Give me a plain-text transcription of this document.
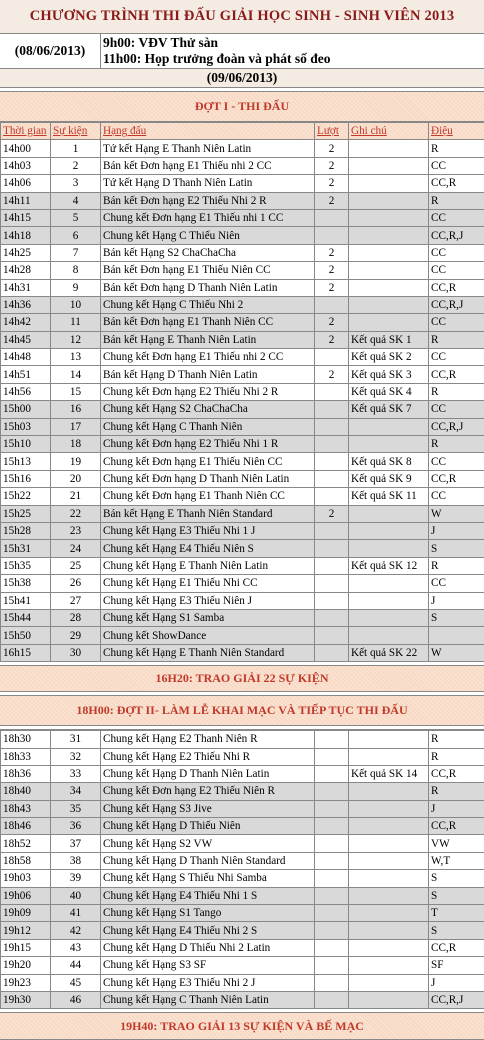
CHƯƠNG TRÌNH THI ĐẤU GIẢI HỌC SINH - SINH VIÊN 2013
(08/06/2013)
9h00: VĐV Thử sàn
11h00: Họp trưởng đoàn và phát số đeo
(09/06/2013)
ĐỢT I - THI ĐẤU
Thời gian	Sự kiện	Hạng đấu	Lượt	Ghi chú	Điệu
14h00	1	Tứ kết Hạng E Thanh Niên Latin	2		R
14h03	2	Bán kết Đơn hạng E1 Thiếu nhi 2 CC	2		CC
14h06	3	Tứ kết Hạng D Thanh Niên Latin	2		CC,R
14h11	4	Bán kết Đơn hạng E2 Thiếu Nhi 2 R	2		R
14h15	5	Chung kết Đơn hạng E1 Thiếu nhi 1 CC			CC
14h18	6	Chung kết Hạng C Thiếu Niên			CC,R,J
14h25	7	Bán kết Hạng S2 ChaChaCha	2		CC
14h28	8	Bán kết Đơn hạng E1 Thiếu Niên CC	2		CC
14h31	9	Bán kết Đơn hạng D Thanh Niên Latin	2		CC,R
14h36	10	Chung kết Hạng C Thiếu Nhi 2			CC,R,J
14h42	11	Bán kết Đơn hạng E1 Thanh Niên CC	2		CC
14h45	12	Bán kết Hạng E Thanh Niên Latin	2	Kết quả SK 1	R
14h48	13	Chung kết Đơn hạng E1 Thiếu nhi 2 CC		Kết quả SK 2	CC
14h51	14	Bán kết Hạng D Thanh Niên Latin	2	Kết quả SK 3	CC,R
14h56	15	Chung kết Đơn hạng E2 Thiếu Nhi 2 R		Kết quả SK 4	R
15h00	16	Chung kết Hạng S2 ChaChaCha		Kết quả SK 7	CC
15h03	17	Chung kết Hạng C Thanh Niên			CC,R,J
15h10	18	Chung kết Đơn hạng E2 Thiếu Nhi 1 R			R
15h13	19	Chung kết Đơn hạng E1 Thiếu Niên CC		Kết quả SK 8	CC
15h16	20	Chung kết Đơn hạng D Thanh Niên Latin		Kết quả SK 9	CC,R
15h22	21	Chung kết Đơn hạng E1 Thanh Niên CC		Kết quả SK 11	CC
15h25	22	Bán kết Hạng E Thanh Niên Standard	2		W
15h28	23	Chung kết Hạng E3 Thiếu Nhi 1 J			J
15h31	24	Chung kết Hạng E4 Thiếu Niên S			S
15h35	25	Chung kết Hạng E Thanh Niên Latin		Kết quả SK 12	R
15h38	26	Chung kết Hạng E1 Thiếu Nhi CC			CC
15h41	27	Chung kết Hạng E3 Thiếu Niên J			J
15h44	28	Chung kết Hạng S1 Samba			S
15h50	29	Chung kết ShowDance			
16h15	30	Chung kết Hạng E Thanh Niên Standard		Kết quả SK 22	W
16H20: TRAO GIẢI 22 SỰ KIỆN
18H00: ĐỢT II- LÀM LỄ KHAI MẠC VÀ TIẾP TỤC THI ĐẤU
18h30	31	Chung kết Hạng E2 Thanh Niên R			R
18h33	32	Chung kết Hạng E2 Thiếu Nhi R			R
18h36	33	Chung kết Hạng D Thanh Niên Latin		Kết quả SK 14	CC,R
18h40	34	Chung kết Đơn hạng E2 Thiếu Niên R			R
18h43	35	Chung kết Hạng S3 Jive			J
18h46	36	Chung kết Hạng D Thiếu Niên			CC,R
18h52	37	Chung kết Hạng S2 VW			VW
18h58	38	Chung kết Hạng D Thanh Niên Standard			W,T
19h03	39	Chung kết Hạng S Thiếu Nhi Samba			S
19h06	40	Chung kết Hạng E4 Thiếu Nhi 1 S			S
19h09	41	Chung kết Hạng S1 Tango			T
19h12	42	Chung kết Hạng E4 Thiếu Nhi 2 S			S
19h15	43	Chung kết Hạng D Thiếu Nhi 2 Latin			CC,R
19h20	44	Chung kết Hạng S3 SF			SF
19h23	45	Chung kết Hạng E3 Thiếu Nhi 2 J			J
19h30	46	Chung kết Hạng C Thanh Niên Latin			CC,R,J
19H40: TRAO GIẢI 13 SỰ KIỆN VÀ BẾ MẠC
